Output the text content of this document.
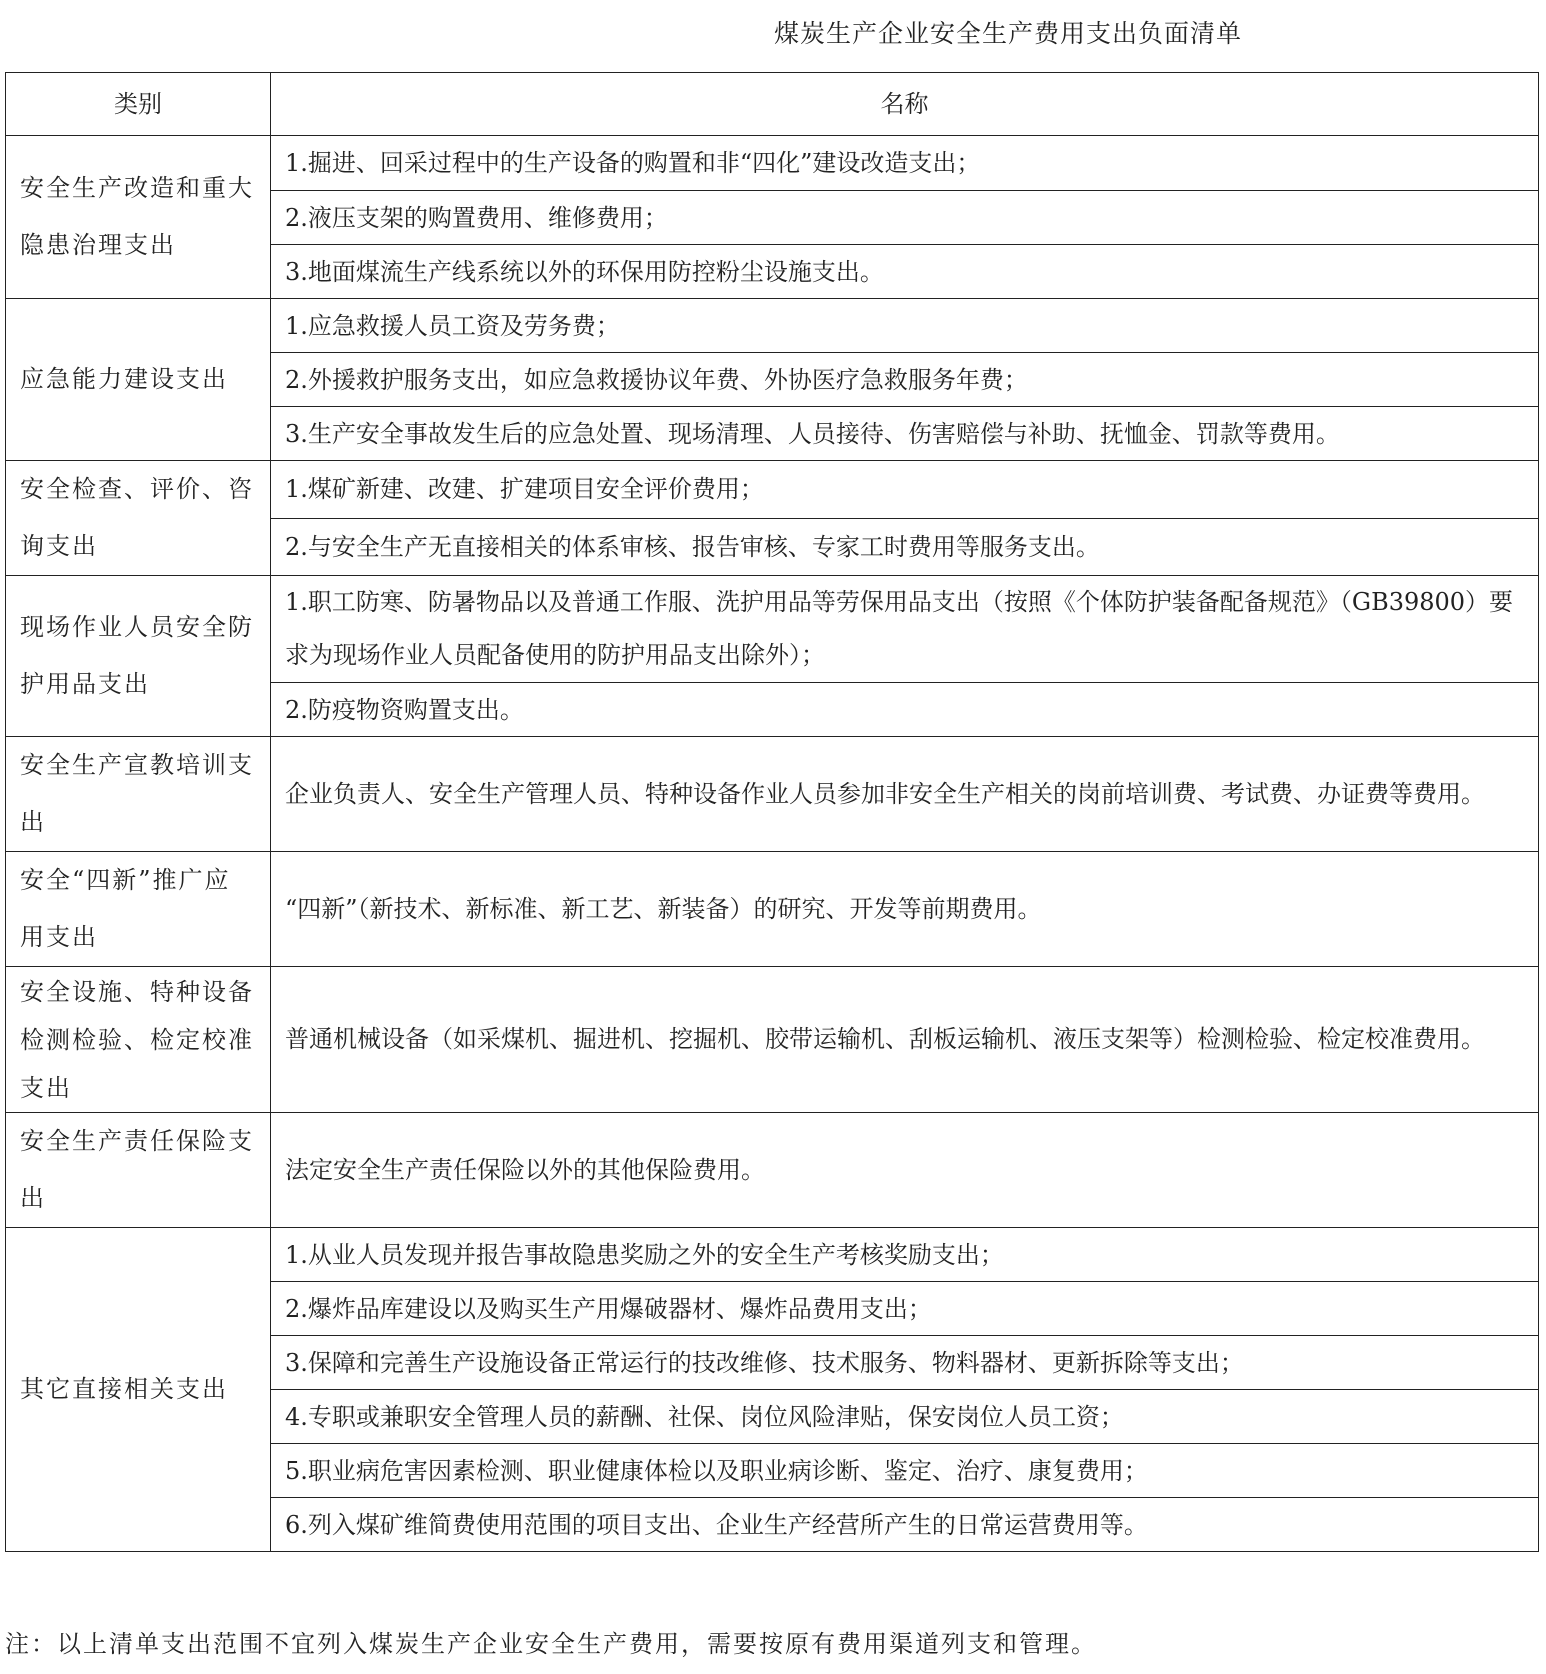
煤炭生产企业安全生产费用支出负面清单
类别	名称
安全生产改造和重大隐患治理支出	1.掘进、回采过程中的生产设备的购置和非“四化”建设改造支出；
	2.液压支架的购置费用、维修费用；
	3.地面煤流生产线系统以外的环保用防控粉尘设施支出。
应急能力建设支出	1.应急救援人员工资及劳务费；
	2.外援救护服务支出，如应急救援协议年费、外协医疗急救服务年费；
	3.生产安全事故发生后的应急处置、现场清理、人员接待、伤害赔偿与补助、抚恤金、罚款等费用。
安全检查、评价、咨询支出	1.煤矿新建、改建、扩建项目安全评价费用；
	2.与安全生产无直接相关的体系审核、报告审核、专家工时费用等服务支出。
现场作业人员安全防护用品支出	1.职工防寒、防暑物品以及普通工作服、洗护用品等劳保用品支出（按照《个体防护装备配备规范》（GB39800）要求为现场作业人员配备使用的防护用品支出除外）；
	2.防疫物资购置支出。
安全生产宣教培训支出	企业负责人、安全生产管理人员、特种设备作业人员参加非安全生产相关的岗前培训费、考试费、办证费等费用。
安全“四新”推广应用支出	“四新”（新技术、新标准、新工艺、新装备）的研究、开发等前期费用。
安全设施、特种设备检测检验、检定校准支出	普通机械设备（如采煤机、掘进机、挖掘机、胶带运输机、刮板运输机、液压支架等）检测检验、检定校准费用。
安全生产责任保险支出	法定安全生产责任保险以外的其他保险费用。
其它直接相关支出	1.从业人员发现并报告事故隐患奖励之外的安全生产考核奖励支出；
	2.爆炸品库建设以及购买生产用爆破器材、爆炸品费用支出；
	3.保障和完善生产设施设备正常运行的技改维修、技术服务、物料器材、更新拆除等支出；
	4.专职或兼职安全管理人员的薪酬、社保、岗位风险津贴，保安岗位人员工资；
	5.职业病危害因素检测、职业健康体检以及职业病诊断、鉴定、治疗、康复费用；
	6.列入煤矿维简费使用范围的项目支出、企业生产经营所产生的日常运营费用等。
注：以上清单支出范围不宜列入煤炭生产企业安全生产费用，需要按原有费用渠道列支和管理。
